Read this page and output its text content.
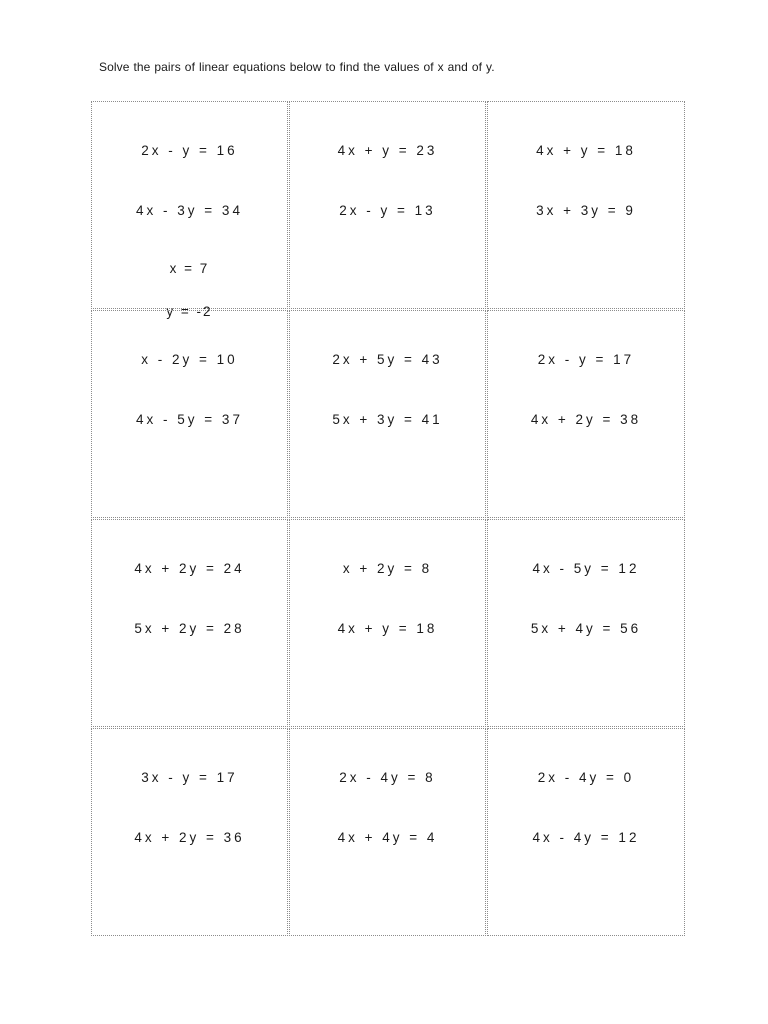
Solve the pairs of linear equations below to find the values of x and of y.

2x - y = 16

4x - 3y = 34

x = 7

y = -2

4x + y = 23

2x - y = 13

4x + y = 18

3x + 3y = 9

x - 2y = 10

4x - 5y = 37

2x + 5y = 43

5x + 3y = 41

2x - y = 17

4x + 2y = 38

4x + 2y = 24

5x + 2y = 28

x + 2y = 8

4x + y = 18

4x - 5y = 12

5x + 4y = 56

3x - y = 17

4x + 2y = 36

2x - 4y = 8

4x + 4y = 4

2x - 4y = 0

4x - 4y = 12
